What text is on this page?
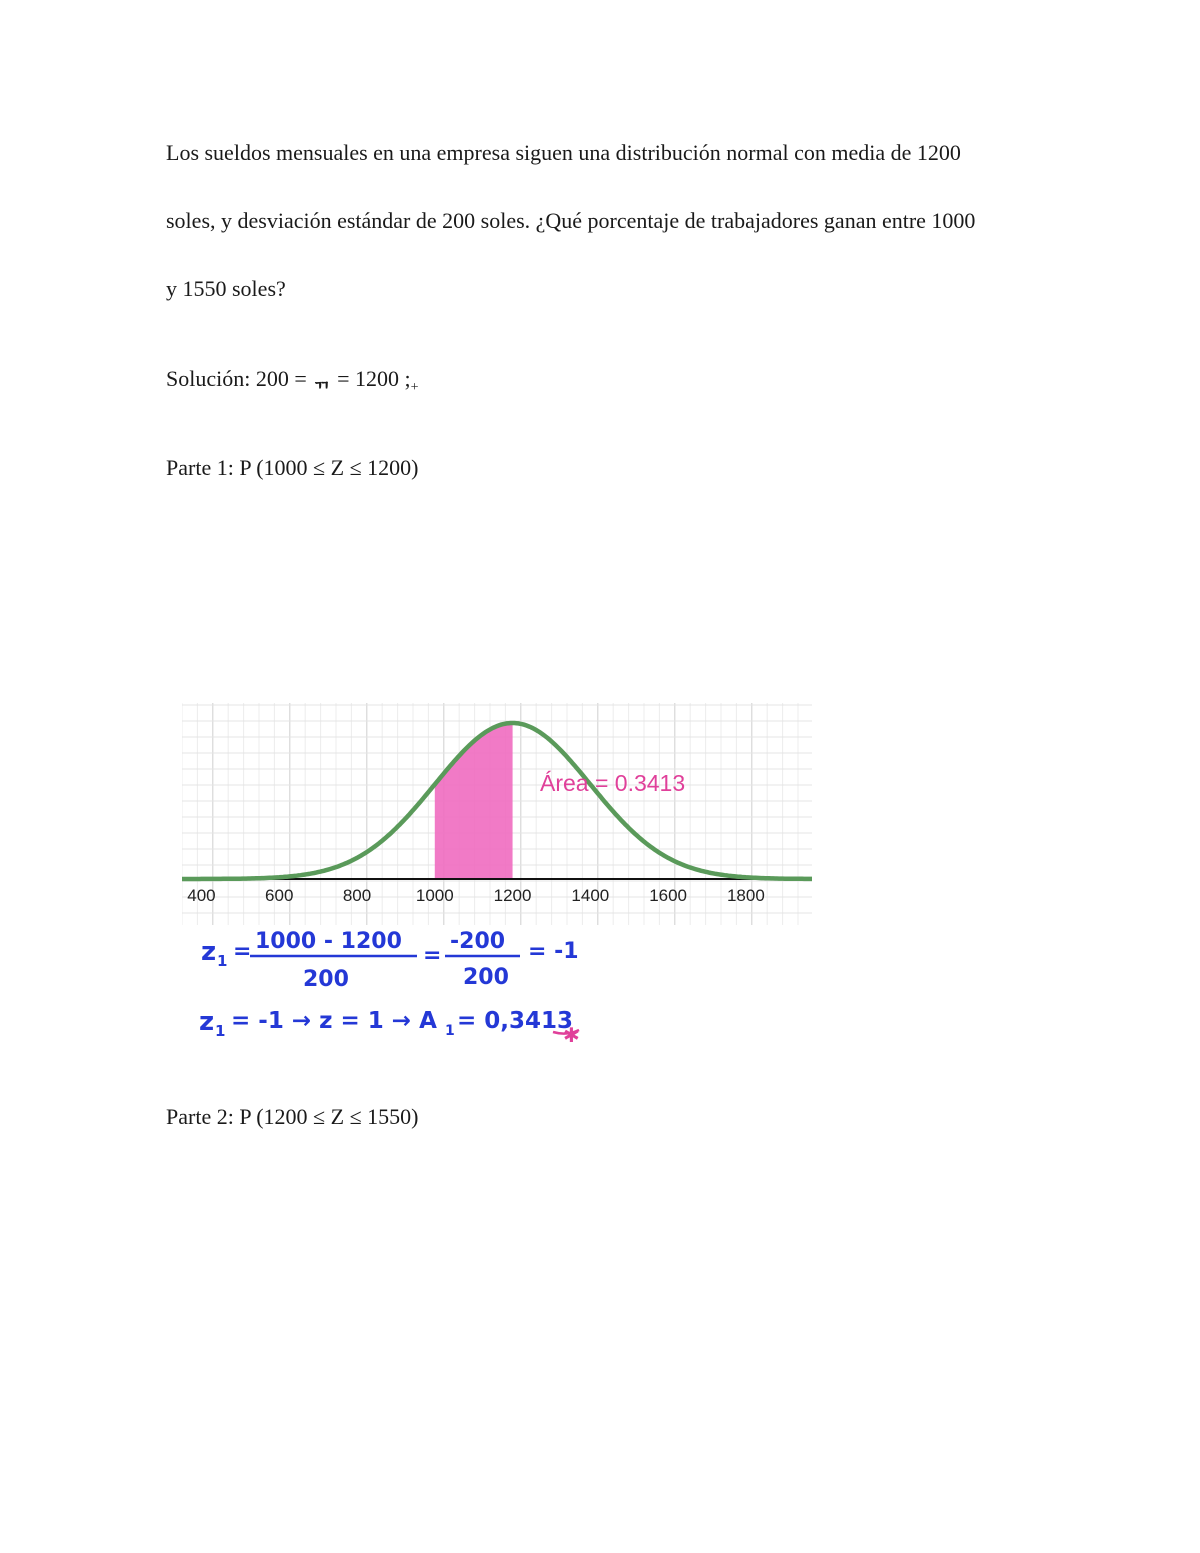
Los sueldos mensuales en una empresa siguen una distribución normal con media de 1200
soles, y desviación estándar de 200 soles. ¿Qué porcentaje de trabajadores ganan entre 1000
y 1550 soles?
Solución: 200 = ᆩ = 1200 $;_+$
Parte 1: P (1000 ≤ Z ≤ 1200)
400	600	800	1000 1200 1400 1600 1800
Área = 0.3413
z 1 = 1000 - 1200
200
=
-200
200
= -1
z 1 = -1 → z = 1 → A 1 = 0,3413
✱
Parte 2: P (1200 ≤ Z ≤ 1550)
